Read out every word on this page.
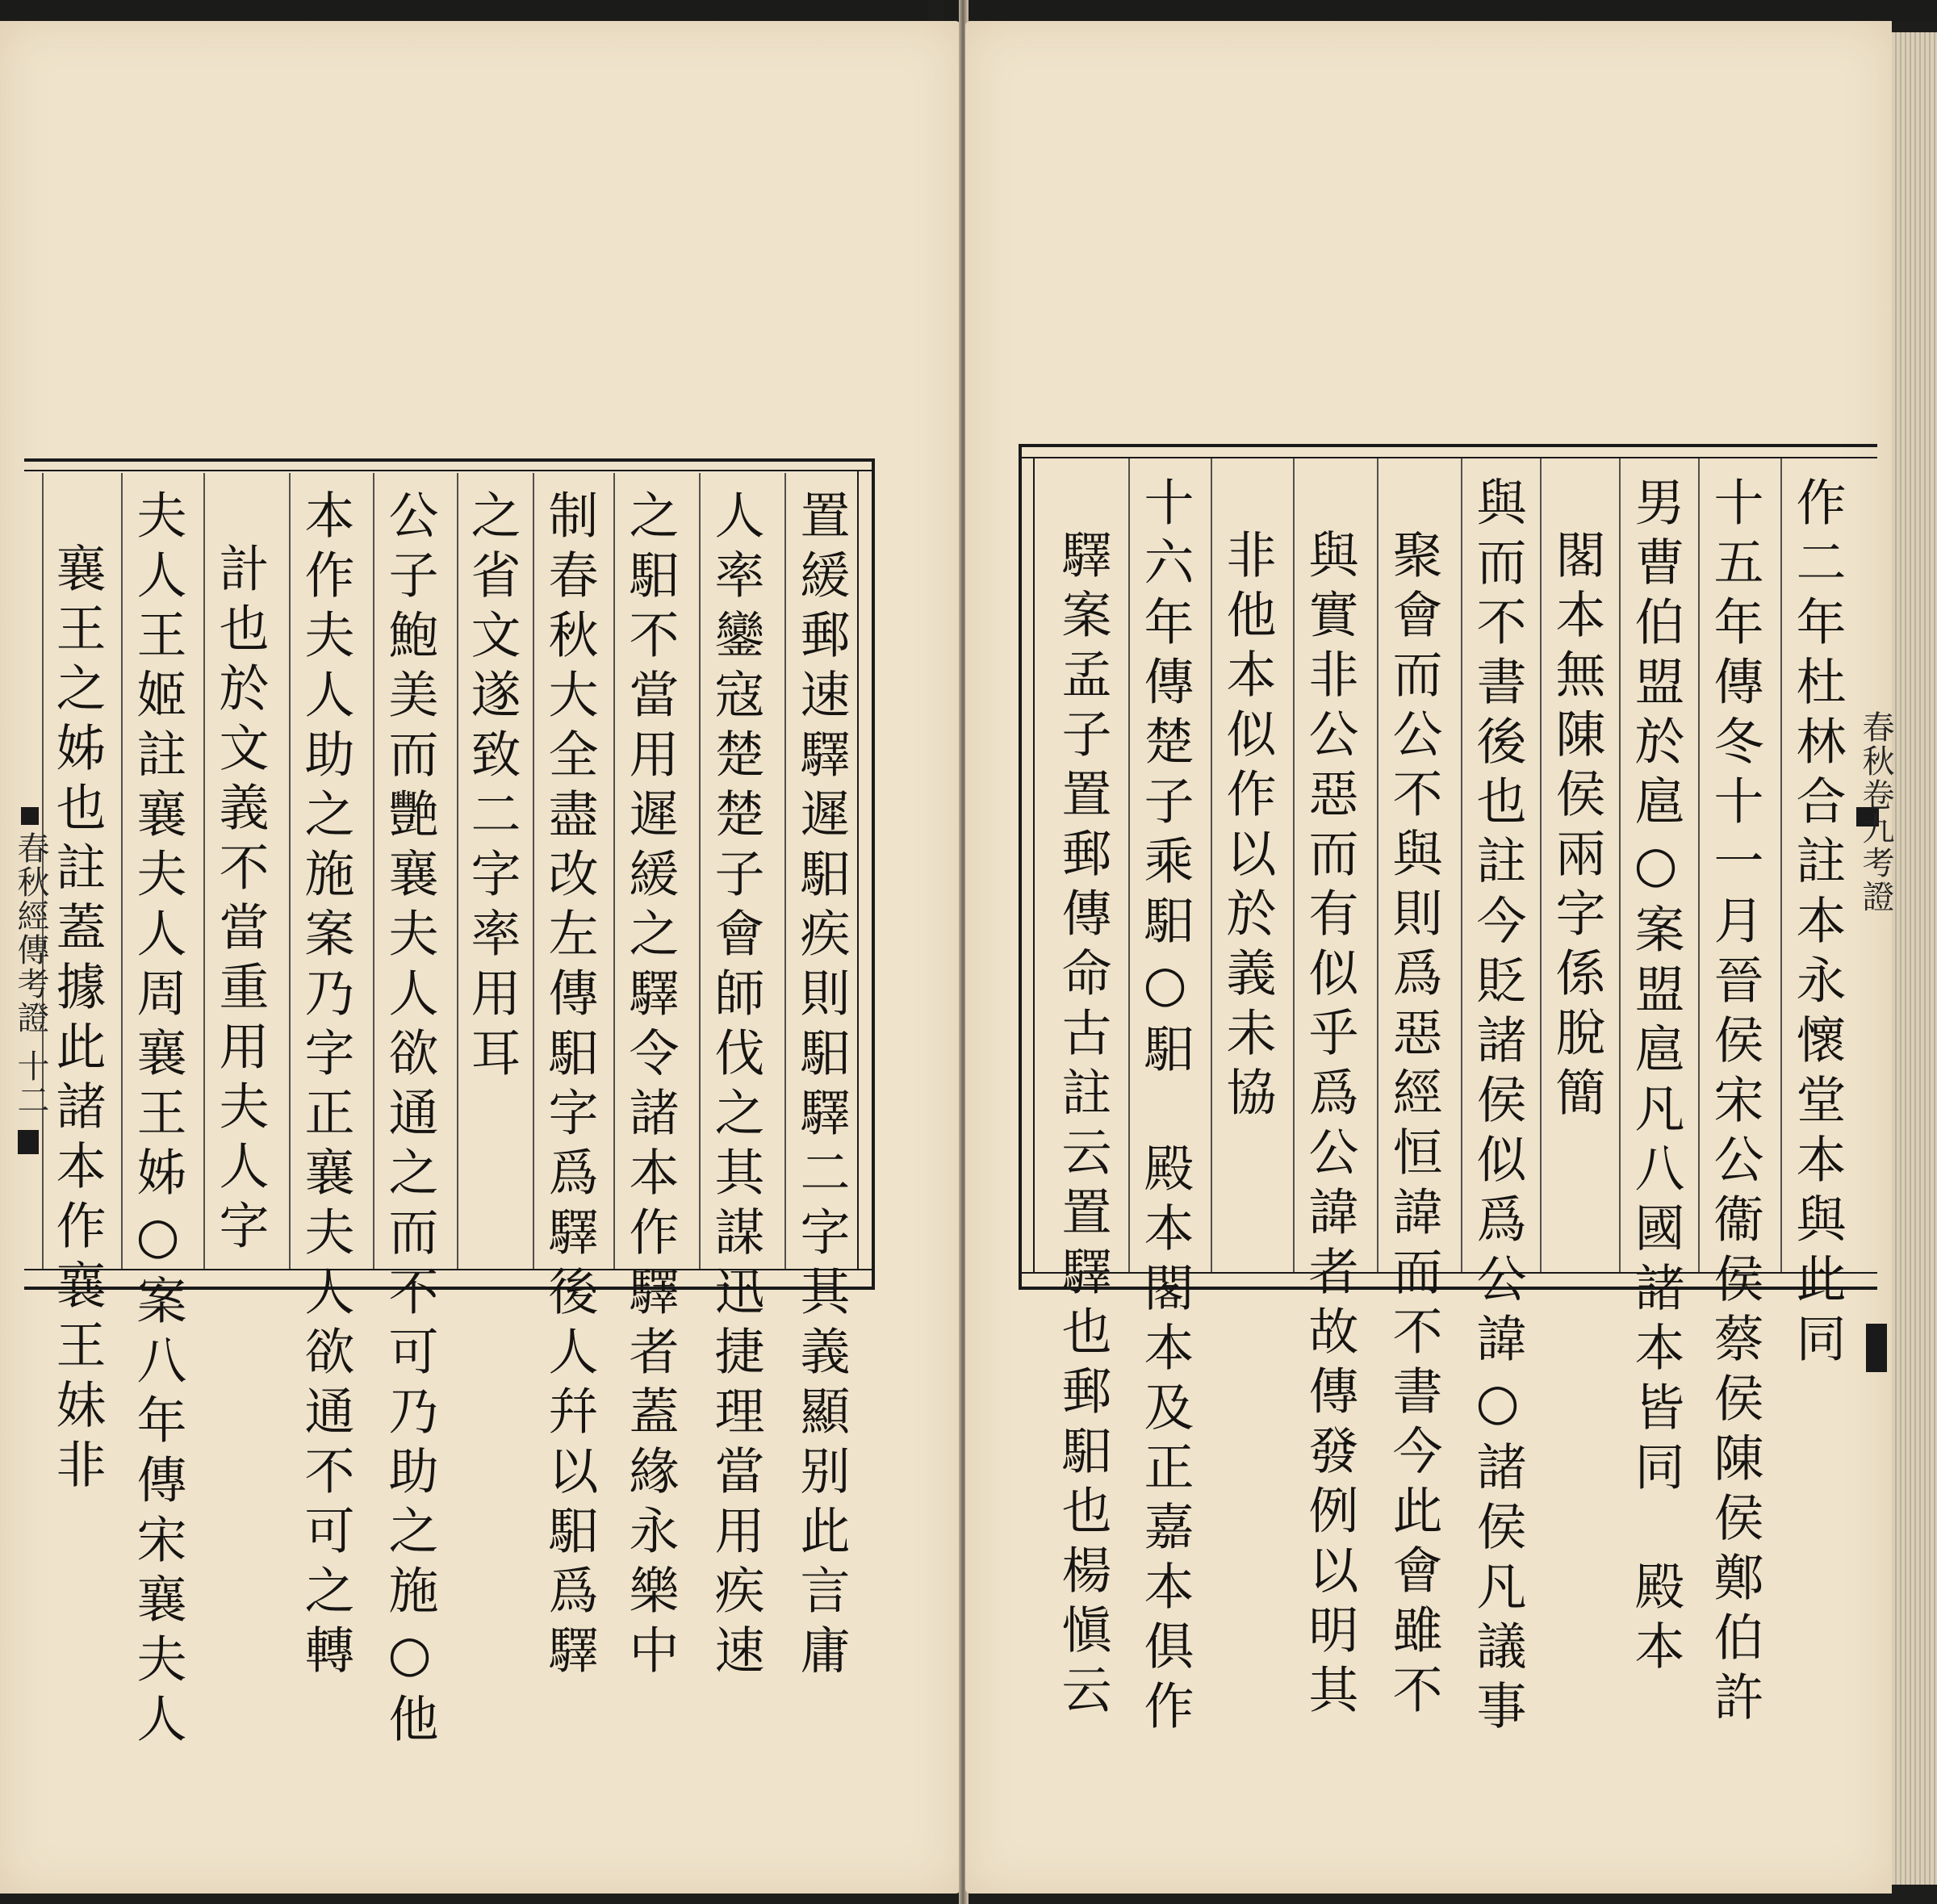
置緩郵速驛遲馹疾則馹驛二字其義顯别此言庸
人率鑾寇楚楚子會師伐之其謀迅捷理當用疾速
之馹不當用遲緩之驛令諸本作驛者蓋緣永樂中
制春秋大全盡改左傳馹字爲驛後人幷以馹爲驛
之省文遂致二字率用耳
公子鮑美而艷襄夫人欲通之而不可乃助之施○他
本作夫人助之施案乃字正襄夫人欲通不可之轉
計也於文義不當重用夫人字
夫人王姬註襄夫人周襄王姊○案八年傳宋襄夫人
襄王之姊也註蓋據此諸本作襄王妹非
春秋經傳考證
十二	作二年杜林合註本永懷堂本與此同
十五年傳冬十一月晉侯宋公衞侯蔡侯陳侯鄭伯許
男曹伯盟於扈○案盟扈凡八國諸本皆同　殿本
閣本無陳侯兩字係脫簡
與而不書後也註今貶諸侯似爲公諱○諸侯凡議事
聚會而公不與則爲惡經恒諱而不書今此會雖不
與實非公惡而有似乎爲公諱者故傳發例以明其
非他本似作以於義未協
十六年傳楚子乘馹○馹　殿本閣本及正嘉本俱作
驛案孟子置郵傳命古註云置驛也郵馹也楊愼云	春秋卷九考證
